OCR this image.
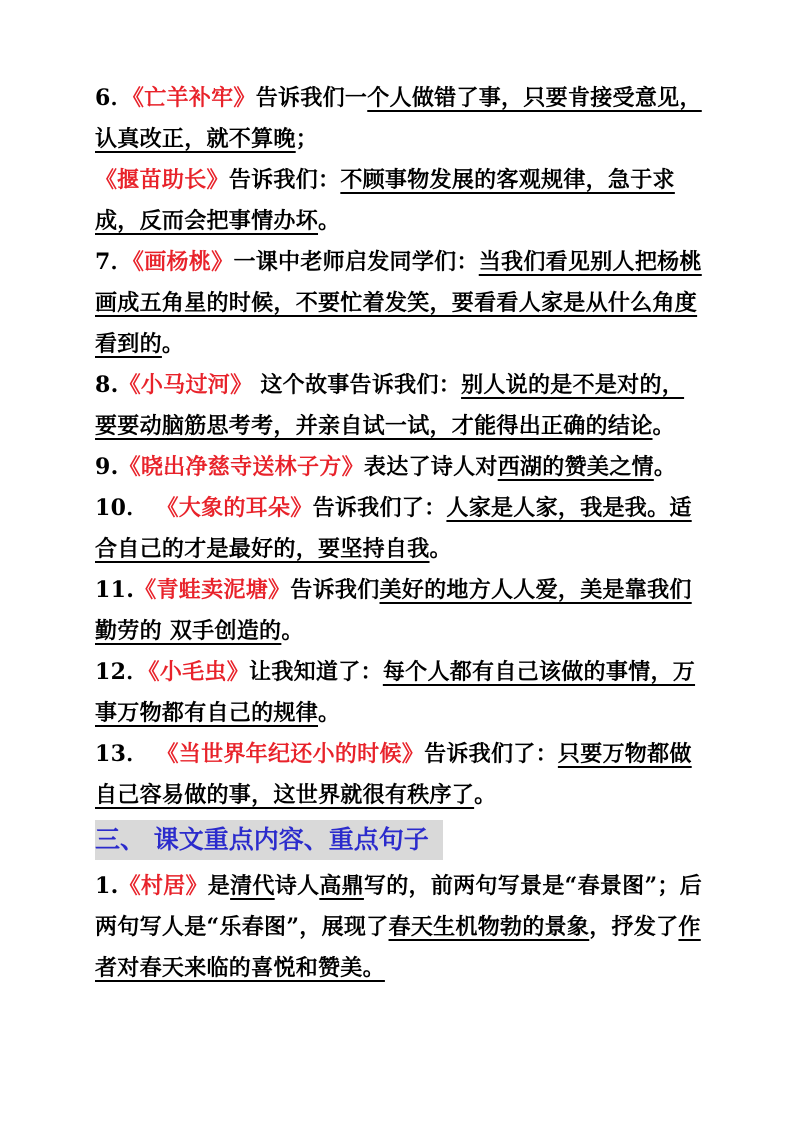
6．《亡羊补牢》告诉我们一个人做错了事，只要肯接受意见，认真改正，就不算晚；
《揠苗助长》告诉我们：不顾事物发展的客观规律，急于求成，反而会把事情办坏。
7．《画杨桃》一课中老师启发同学们：当我们看见别人把杨桃画成五角星的时候，不要忙着发笑，要看看人家是从什么角度看到的。
8.《小马过河》 这个故事告诉我们：别人说的是不是对的，要要动脑筋思考考，并亲自试一试，才能得出正确的结论。
9.《晓出净慈寺送林子方》表达了诗人对西湖的赞美之情。
10． 《大象的耳朵》告诉我们了：人家是人家，我是我。适合自己的才是最好的，要坚持自我。
11.《青蛙卖泥塘》告诉我们美好的地方人人爱，美是靠我们勤劳的 双手创造的。
12．《小毛虫》让我知道了：每个人都有自己该做的事情，万事万物都有自己的规律。
13． 《当世界年纪还小的时候》告诉我们了：只要万物都做自己容易做的事，这世界就很有秩序了。
三、 课文重点内容、重点句子
1.《村居》是清代诗人高鼎写的，前两句写景是“春景图”；后两句写人是“乐春图”，展现了春天生机物勃的景象，抒发了作者对春天来临的喜悦和赞美。
